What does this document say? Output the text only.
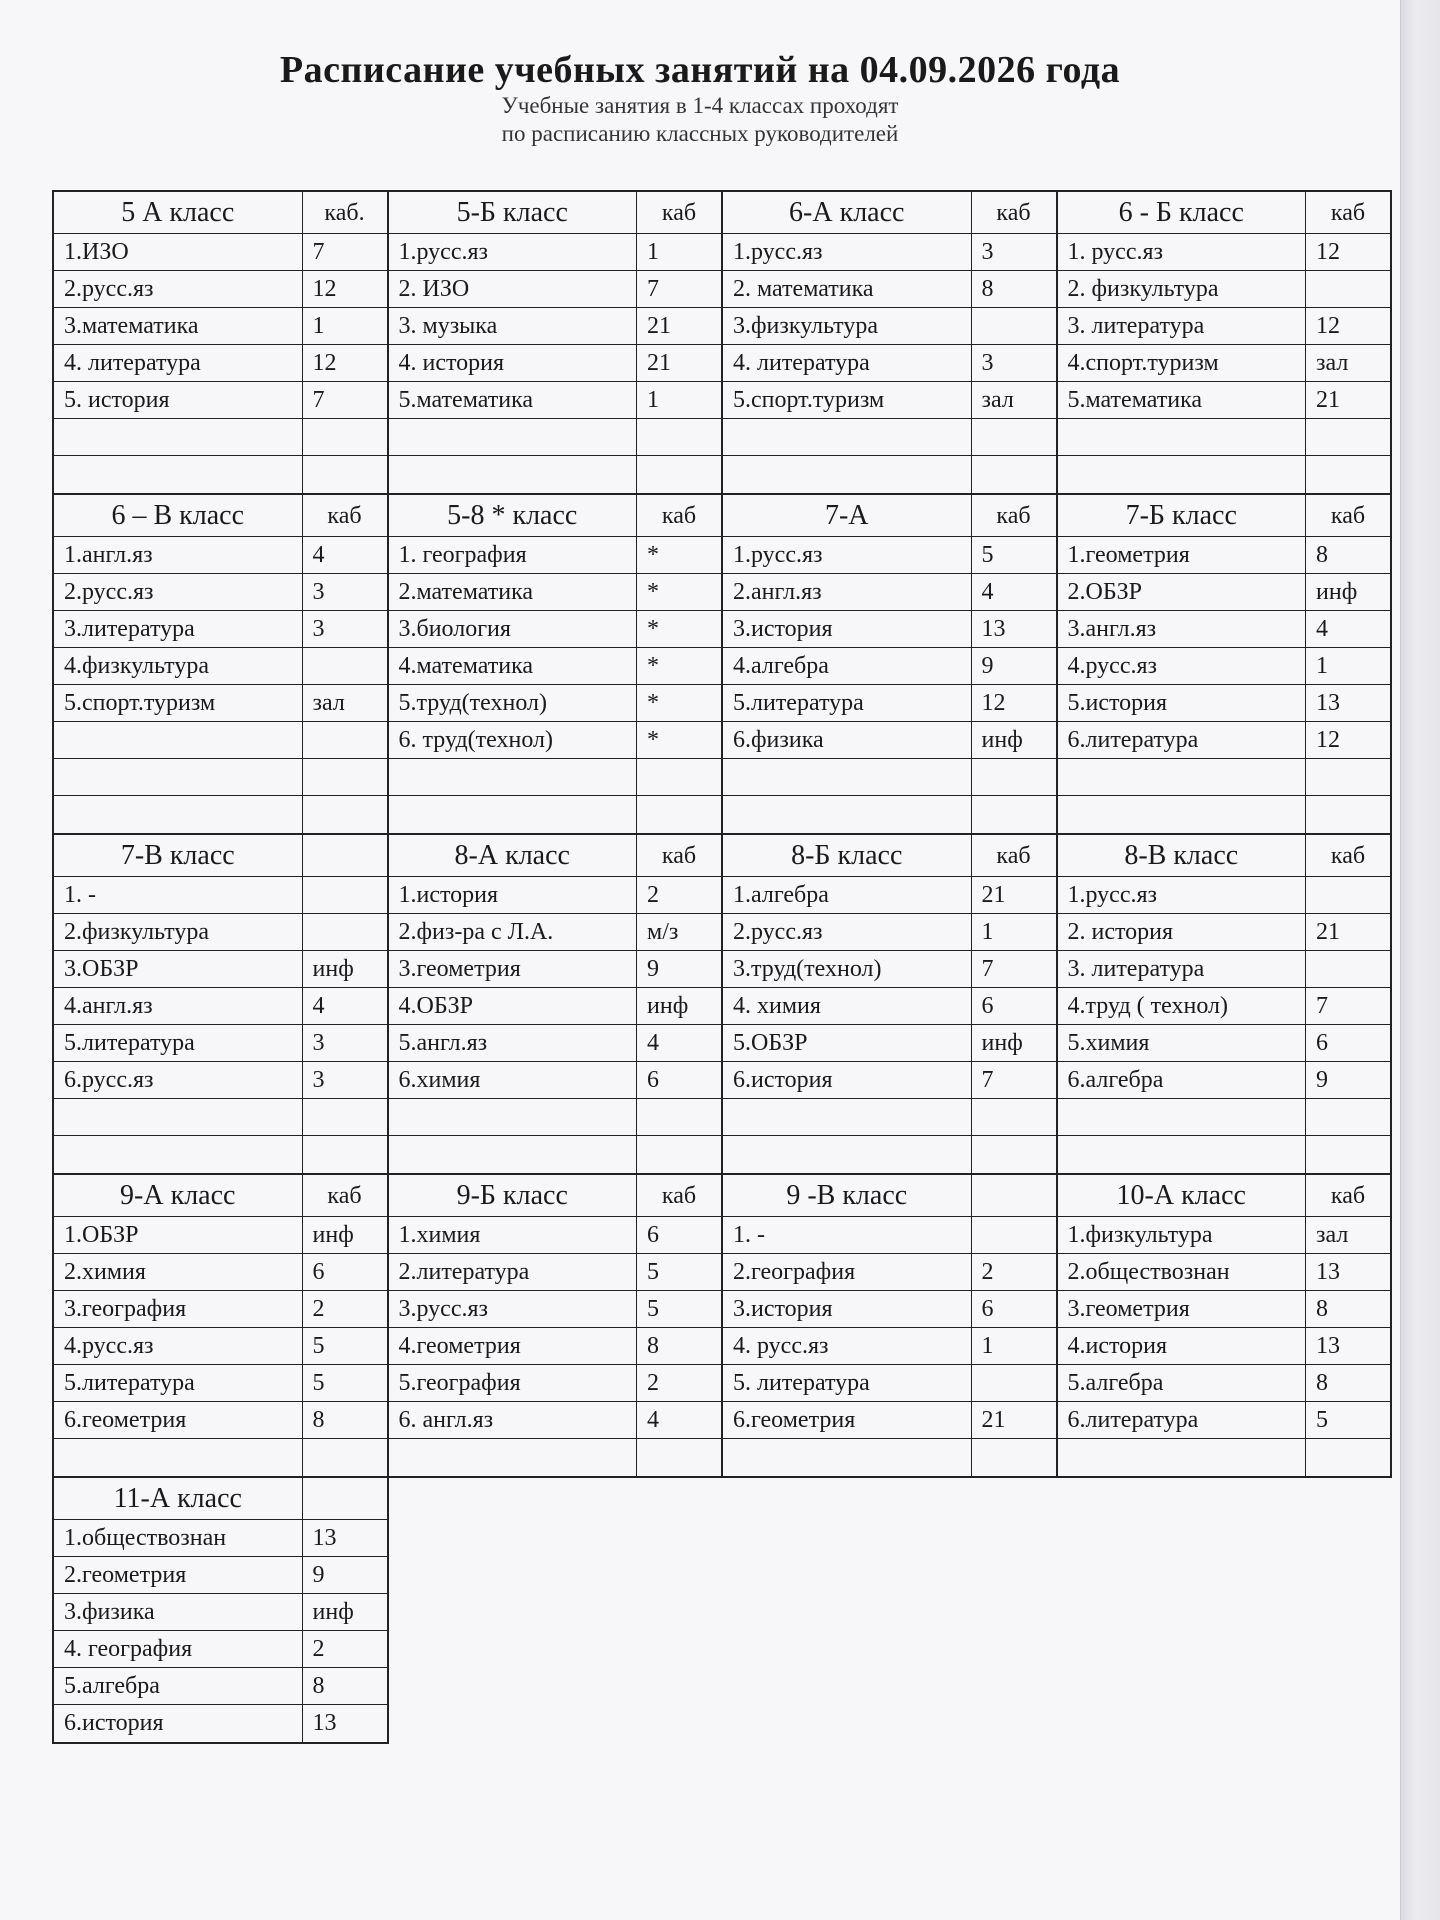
Расписание учебных занятий на 04.09.2026 года
Учебные занятия в 1-4 классах проходят
по расписанию классных руководителей
5 А класс	каб.
1.ИЗО	7
2.русс.яз	12
3.математика	1
4. литература	12
5. история	7
5-Б класс	каб
1.русс.яз	1
2. ИЗО	7
3. музыка	21
4. история	21
5.математика	1
6-А класс	каб
1.русс.яз	3
2. математика	8
3.физкультура
4. литература	3
5.спорт.туризм	зал
6 - Б класс	каб
1. русс.яз	12
2. физкультура
3. литература	12
4.спорт.туризм	зал
5.математика	21
6 – В класс	каб
1.англ.яз	4
2.русс.яз	3
3.литература	3
4.физкультура
5.спорт.туризм	зал
5-8 * класс	каб
1. география	*
2.математика	*
3.биология	*
4.математика	*
5.труд(технол)	*
6. труд(технол)	*
7-А	каб
1.русс.яз	5
2.англ.яз	4
3.история	13
4.алгебра	9
5.литература	12
6.физика	инф
7-Б класс	каб
1.геометрия	8
2.ОБЗР	инф
3.англ.яз	4
4.русс.яз	1
5.история	13
6.литература	12
7-В класс
1. -
2.физкультура
3.ОБЗР	инф
4.англ.яз	4
5.литература	3
6.русс.яз	3
8-А класс	каб
1.история	2
2.физ-ра с Л.А.	м/з
3.геометрия	9
4.ОБЗР	инф
5.англ.яз	4
6.химия	6
8-Б класс	каб
1.алгебра	21
2.русс.яз	1
3.труд(технол)	7
4. химия	6
5.ОБЗР	инф
6.история	7
8-В класс	каб
1.русс.яз
2. история	21
3. литература
4.труд ( технол)	7
5.химия	6
6.алгебра	9
9-А класс	каб
1.ОБЗР	инф
2.химия	6
3.география	2
4.русс.яз	5
5.литература	5
6.геометрия	8
9-Б класс	каб
1.химия	6
2.литература	5
3.русс.яз	5
4.геометрия	8
5.география	2
6. англ.яз	4
9 -В класс
1. -
2.география	2
3.история	6
4. русс.яз	1
5. литература
6.геометрия	21
10-А класс	каб
1.физкультура	зал
2.обществознан	13
3.геометрия	8
4.история	13
5.алгебра	8
6.литература	5
11-А класс
1.обществознан	13
2.геометрия	9
3.физика	инф
4. география	2
5.алгебра	8
6.история	13
